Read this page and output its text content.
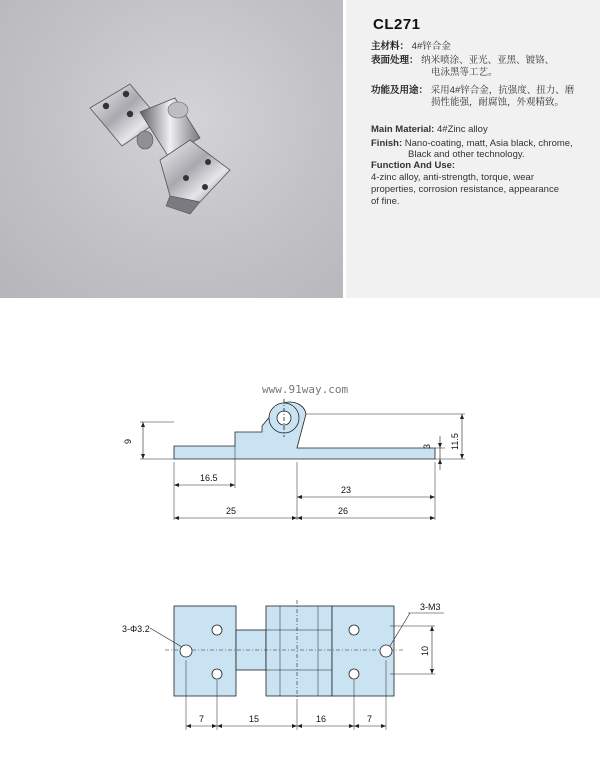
CL271

主材料： 4#锌合金

表面处理： 纳米喷涂、亚光、亚黑、镀铬、

电泳黑等工艺。

功能及用途： 采用4#锌合金，抗强度、扭力、磨

损性能强，耐腐蚀，外观精致。

Main Material: 4#Zinc alloy

Finish: Nano-coating, matt, Asia black, chrome,

Black and other technology.

Function And Use:

4-zinc alloy, anti-strength, torque, wear

properties, corrosion resistance, appearance

of fine.

www.91way.com
9
3 11.5
16.5
23
25	26
3-Φ3.2
3-M3
10
7	15	16	7
